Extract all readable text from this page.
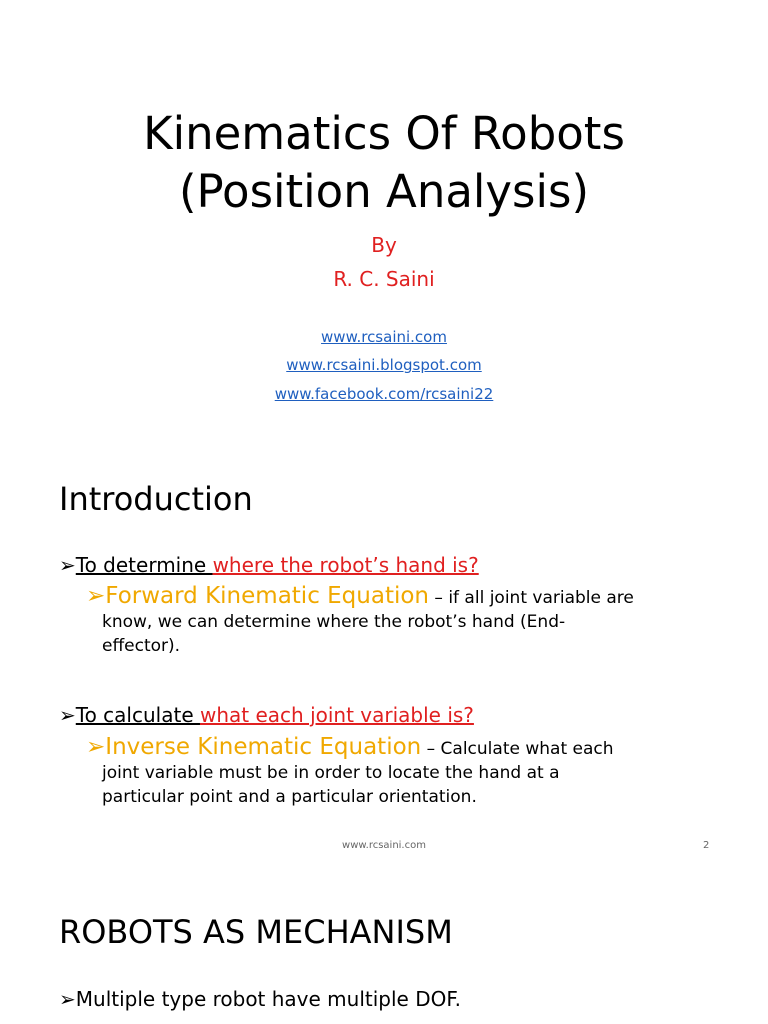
Kinematics Of Robots
(Position Analysis)
By
R. C. Saini
www.rcsaini.com
www.rcsaini.blogspot.com
www.facebook.com/rcsaini22
Introduction
➢To determine where the robot’s hand is?
➢Forward Kinematic Equation – if all joint variable are
know, we can determine where the robot’s hand (End-
effector).
➢To calculate what each joint variable is?
➢Inverse Kinematic Equation – Calculate what each
joint variable must be in order to locate the hand at a
particular point and a particular orientation.
www.rcsaini.com	2
ROBOTS AS MECHANISM
➢Multiple type robot have multiple DOF.
